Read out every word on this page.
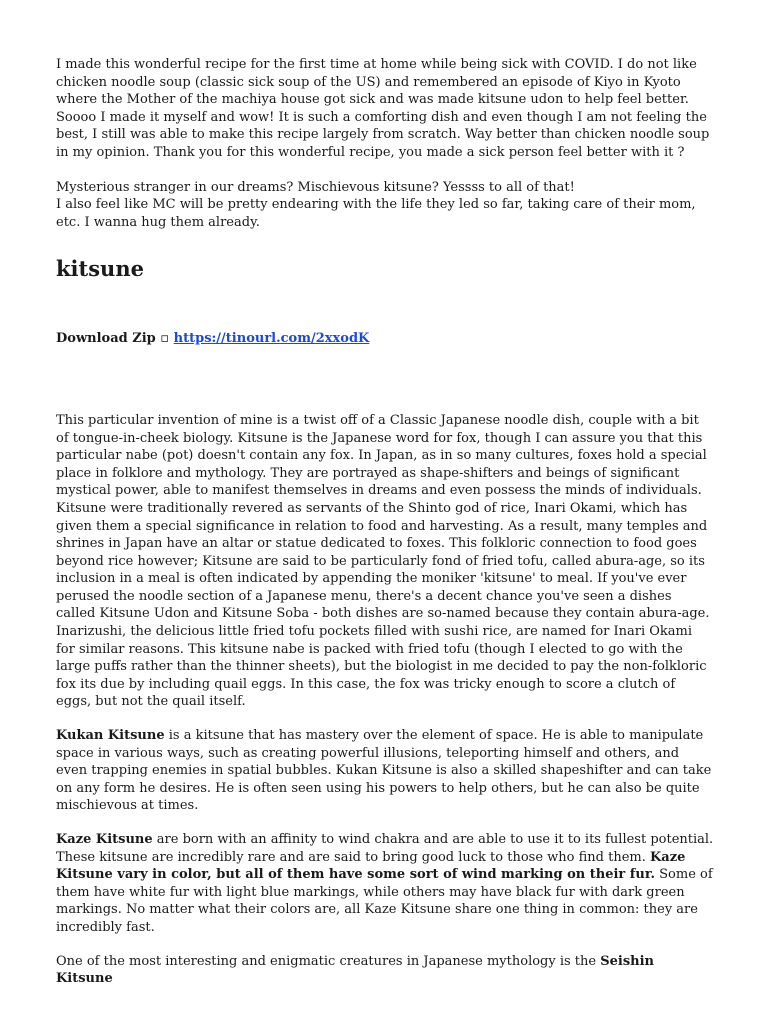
I made this wonderful recipe for the first time at home while being sick with COVID. I do not like chicken noodle soup (classic sick soup of the US) and remembered an episode of Kiyo in Kyoto where the Mother of the machiya house got sick and was made kitsune udon to help feel better. Soooo I made it myself and wow! It is such a comforting dish and even though I am not feeling the best, I still was able to make this recipe largely from scratch. Way better than chicken noodle soup in my opinion. Thank you for this wonderful recipe, you made a sick person feel better with it ?

Mysterious stranger in our dreams? Mischievous kitsune? Yessss to all of that!

I also feel like MC will be pretty endearing with the life they led so far, taking care of their mom, etc. I wanna hug them already.

kitsune

Download Zip ▫ https://tinourl.com/2xxodK

This particular invention of mine is a twist off of a Classic Japanese noodle dish, couple with a bit of tongue-in-cheek biology. Kitsune is the Japanese word for fox, though I can assure you that this particular nabe (pot) doesn't contain any fox. In Japan, as in so many cultures, foxes hold a special place in folklore and mythology. They are portrayed as shape-shifters and beings of significant mystical power, able to manifest themselves in dreams and even possess the minds of individuals. Kitsune were traditionally revered as servants of the Shinto god of rice, Inari Okami, which has given them a special significance in relation to food and harvesting. As a result, many temples and shrines in Japan have an altar or statue dedicated to foxes. This folkloric connection to food goes beyond rice however; Kitsune are said to be particularly fond of fried tofu, called abura-age, so its inclusion in a meal is often indicated by appending the moniker 'kitsune' to meal. If you've ever perused the noodle section of a Japanese menu, there's a decent chance you've seen a dishes called Kitsune Udon and Kitsune Soba - both dishes are so-named because they contain abura-age. Inarizushi, the delicious little fried tofu pockets filled with sushi rice, are named for Inari Okami for similar reasons. This kitsune nabe is packed with fried tofu (though I elected to go with the large puffs rather than the thinner sheets), but the biologist in me decided to pay the non-folkloric fox its due by including quail eggs. In this case, the fox was tricky enough to score a clutch of eggs, but not the quail itself.

Kukan Kitsune is a kitsune that has mastery over the element of space. He is able to manipulate space in various ways, such as creating powerful illusions, teleporting himself and others, and even trapping enemies in spatial bubbles. Kukan Kitsune is also a skilled shapeshifter and can take on any form he desires. He is often seen using his powers to help others, but he can also be quite mischievous at times.

Kaze Kitsune are born with an affinity to wind chakra and are able to use it to its fullest potential. These kitsune are incredibly rare and are said to bring good luck to those who find them. Kaze Kitsune vary in color, but all of them have some sort of wind marking on their fur. Some of them have white fur with light blue markings, while others may have black fur with dark green markings. No matter what their colors are, all Kaze Kitsune share one thing in common: they are incredibly fast.

One of the most interesting and enigmatic creatures in Japanese mythology is the Seishin Kitsune
